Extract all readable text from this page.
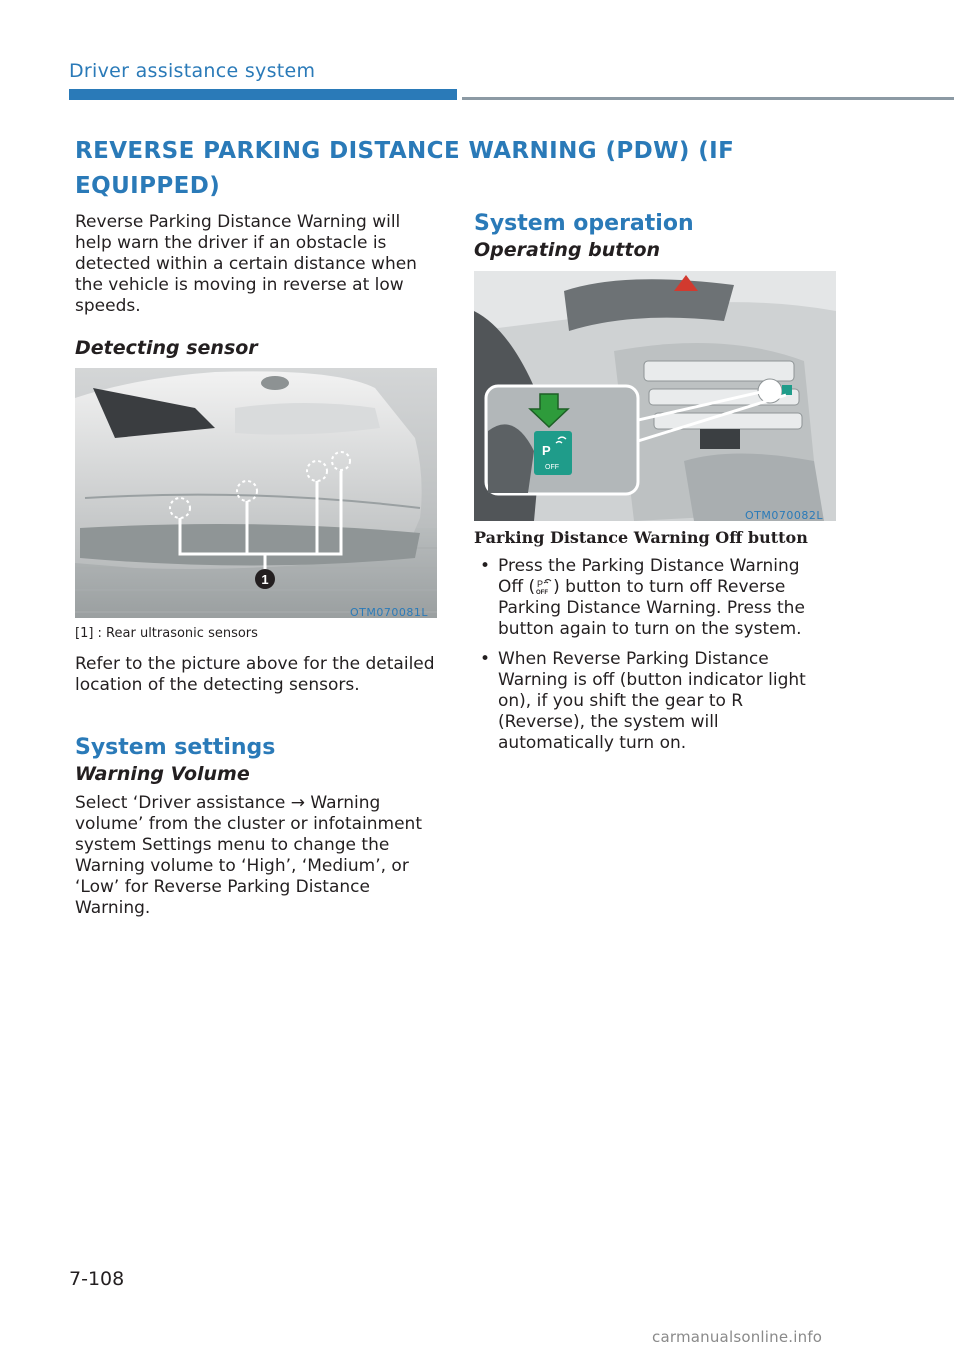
Driver assistance system
REVERSE PARKING DISTANCE WARNING (PDW) (IF EQUIPPED)
Reverse Parking Distance Warning will help warn the driver if an obstacle is detected within a certain distance when the vehicle is moving in reverse at low speeds.
Detecting sensor
1
OTM070081L
[1] : Rear ultrasonic sensors
Refer to the picture above for the detailed location of the detecting sensors.
System settings
Warning Volume
Select ‘Driver assistance → Warning volume’ from the cluster or infotainment system Settings menu to change the Warning volume to ‘High’, ‘Medium’, or ‘Low’ for Reverse Parking Distance Warning.
System operation
Operating button
P
OFF
OTM070082L
Parking Distance Warning Off button
• Press the Parking Distance Warning Off ( P
OFF ) button to turn off Reverse Parking Distance Warning. Press the button again to turn on the system.
• When Reverse Parking Distance Warning is off (button indicator light on), if you shift the gear to R (Reverse), the system will automatically turn on.
7-108
carmanualsonline.info
